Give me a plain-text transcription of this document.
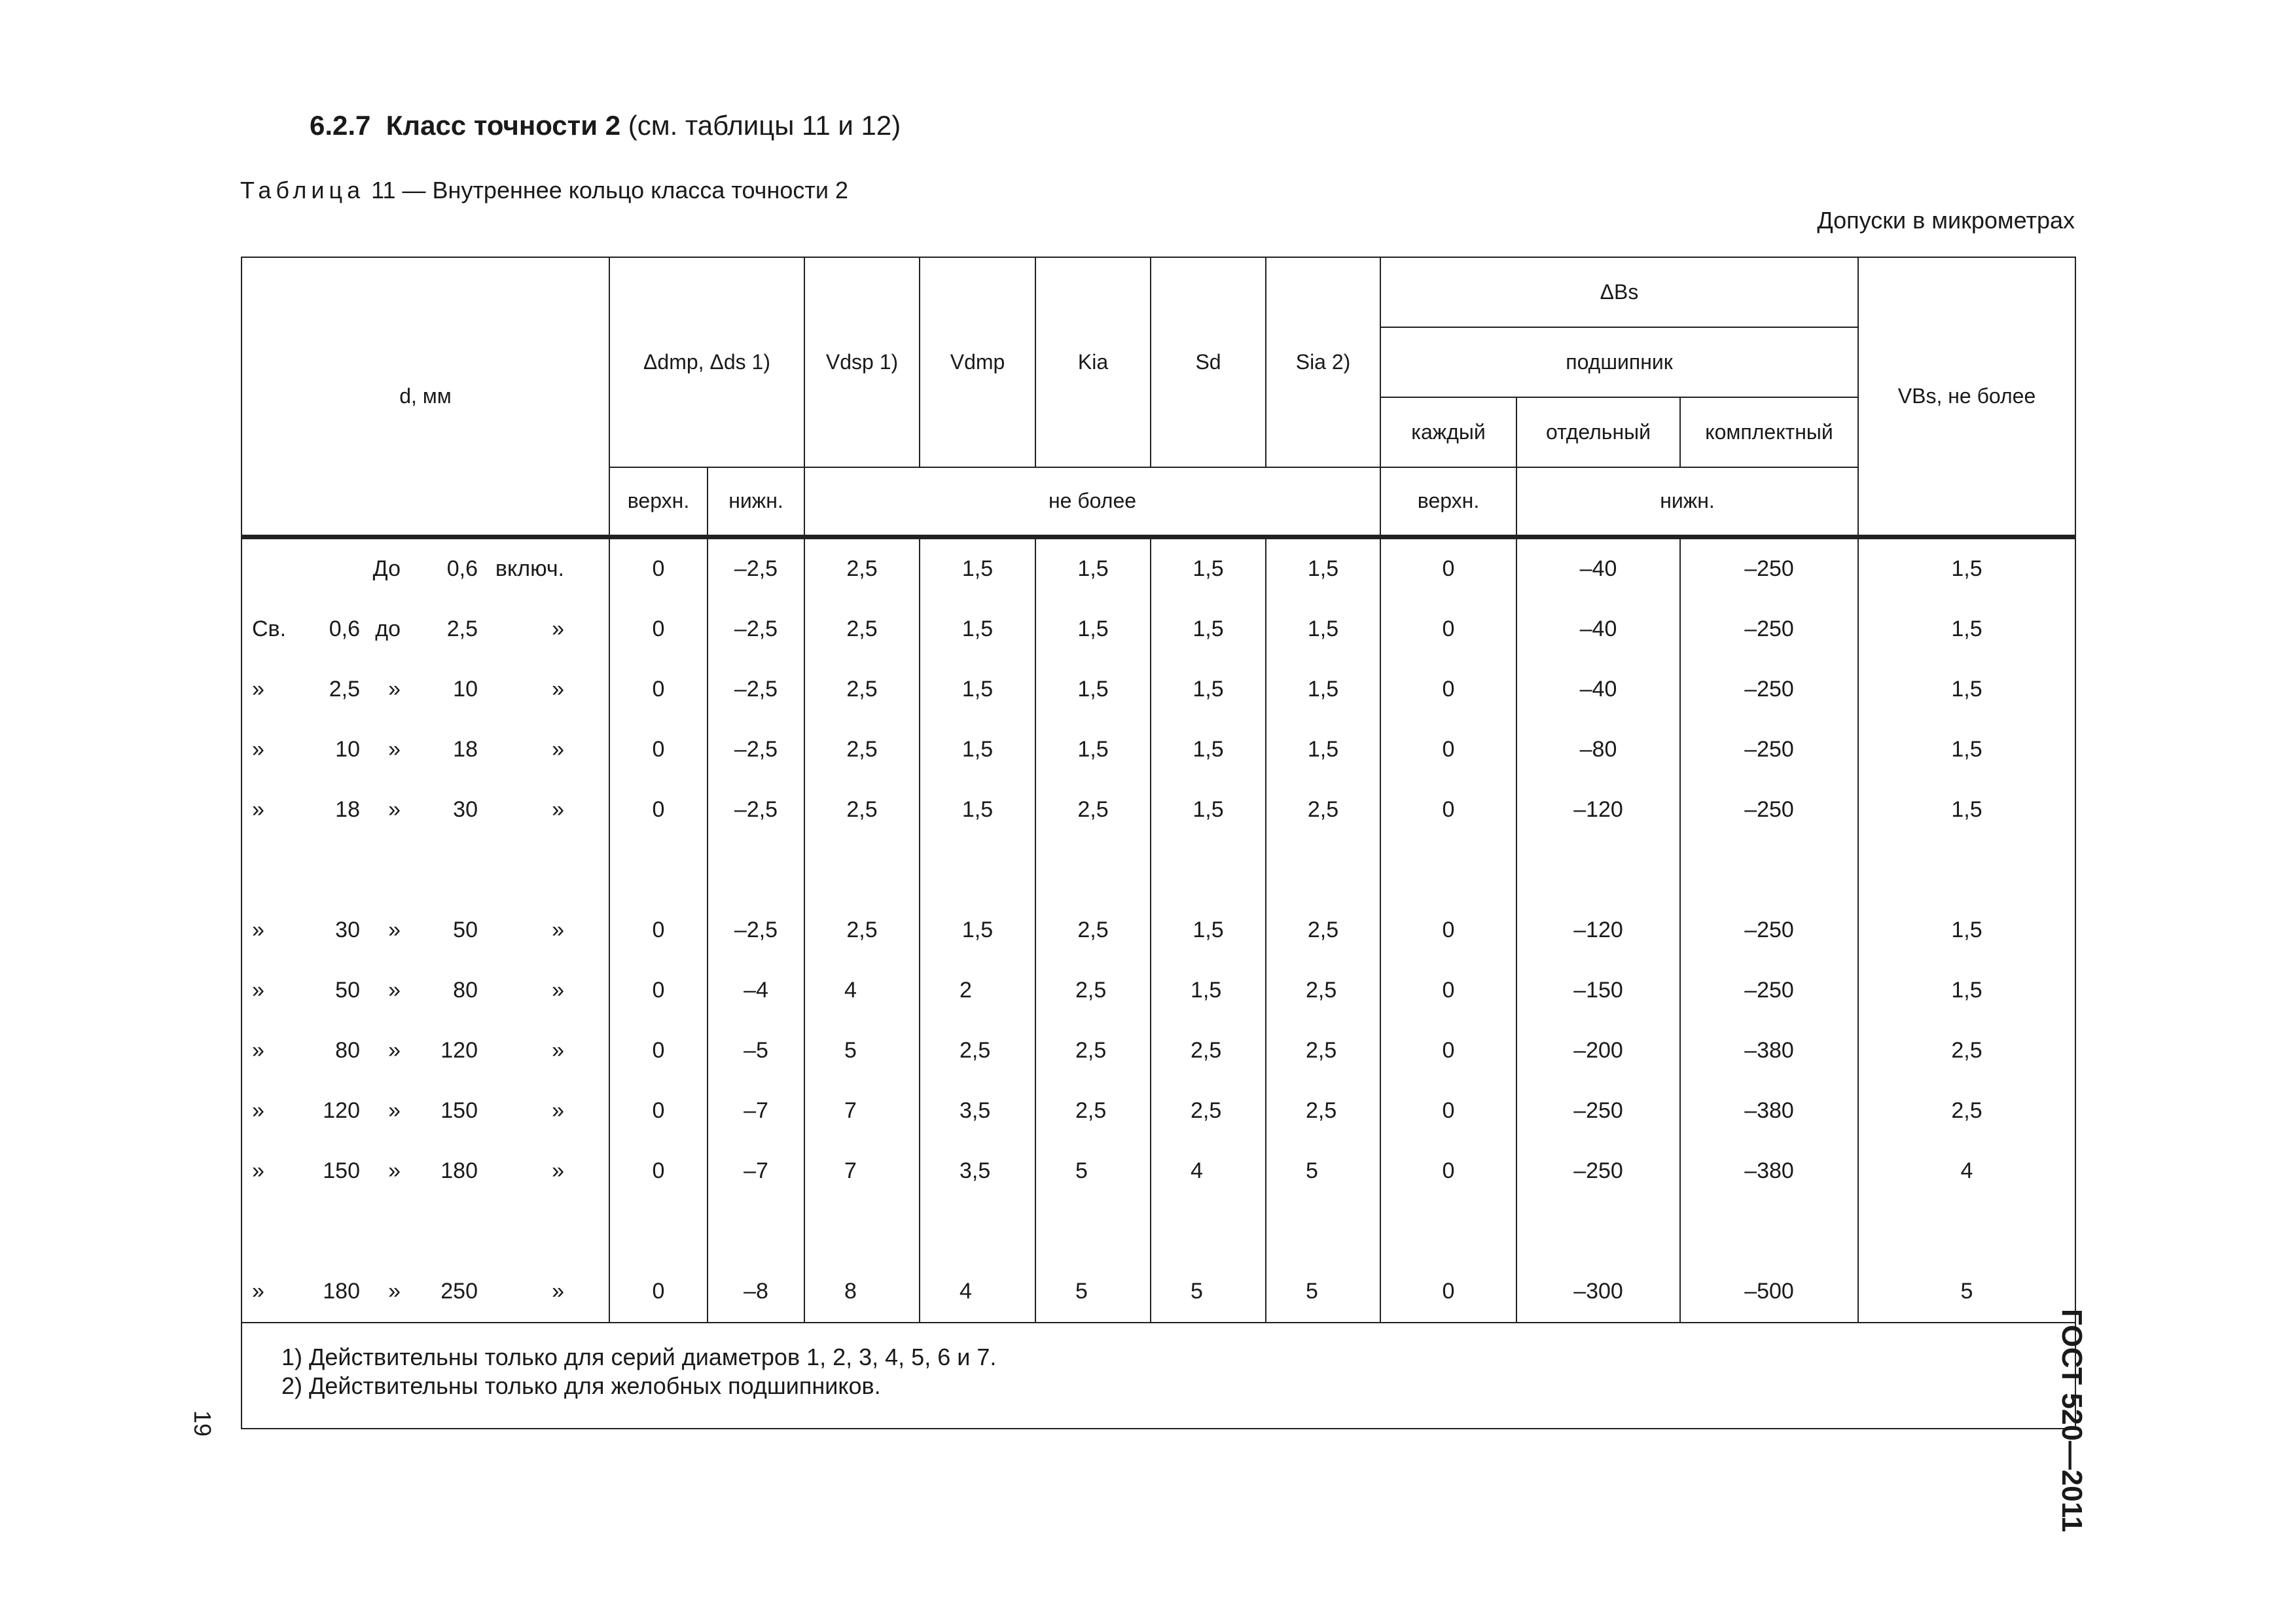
6.2.7 Класс точности 2 (см. таблицы 11 и 12)
Таблица 11 — Внутреннее кольцо класса точности 2
Допуски в микрометрах
d, мм	Δdmp, Δds 1)		Vdsp 1)	Vdmp	Kia	Sd	Sia 2)	ΔBs			VBs, не более
								подшипник			
								каждый	отдельный	комплектный	
	верхн.	нижн.	не более					верхн.	нижн.		

До 0,6 включ.	0	–2,5	2,5	1,5	1,5	1,5	1,5	0	–40	–250	1,5

Св. 0,6 до 2,5 »	0	–2,5	2,5	1,5	1,5	1,5	1,5	0	–40	–250	1,5

» 2,5 » 10 »	0	–2,5	2,5	1,5	1,5	1,5	1,5	0	–40	–250	1,5

» 10 » 18 »	0	–2,5	2,5	1,5	1,5	1,5	1,5	0	–80	–250	1,5

» 18 » 30 »	0	–2,5	2,5	1,5	2,5	1,5	2,5	0	–120	–250	1,5

» 30 » 50 »	0	–2,5	2,5	1,5	2,5	1,5	2,5	0	–120	–250	1,5

» 50 » 80 »	0	–4	4	2	2,5	1,5	2,5	0	–150	–250	1,5

» 80 » 120 »	0	–5	5	2,5	2,5	2,5	2,5	0	–200	–380	2,5

» 120 » 150 »	0	–7	7	3,5	2,5	2,5	2,5	0	–250	–380	2,5

» 150 » 180 »	0	–7	7	3,5	5	4	5	0	–250	–380	4

» 180 » 250 »	0	–8	8	4	5	5	5	0	–300	–500	5

1) Действительны только для серий диаметров 1, 2, 3, 4, 5, 6 и 7.
2) Действительны только для желобных подшипников.												ГОСТ 520—2011
19
